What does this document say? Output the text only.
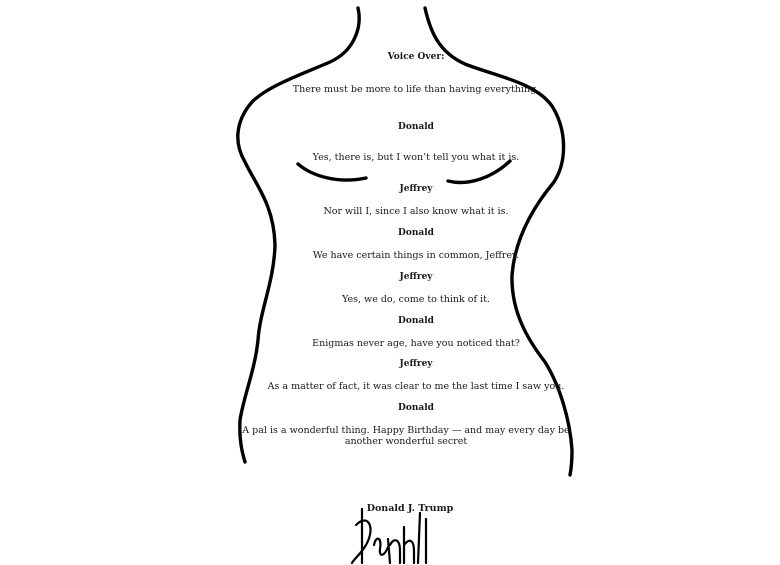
Voice Over:
There must be more to life than having everything.
Donald
Yes, there is, but I won’t tell you what it is.
Jeffrey
Nor will I, since I also know what it is.
Donald
We have certain things in common, Jeffrey.
Jeffrey
Yes, we do, come to think of it.
Donald
Enigmas never age, have you noticed that?
Jeffrey
As a matter of fact, it was clear to me the last time I saw you.
Donald
A pal is a wonderful thing. Happy Birthday — and may every day be another wonderful secret
Donald J. Trump
